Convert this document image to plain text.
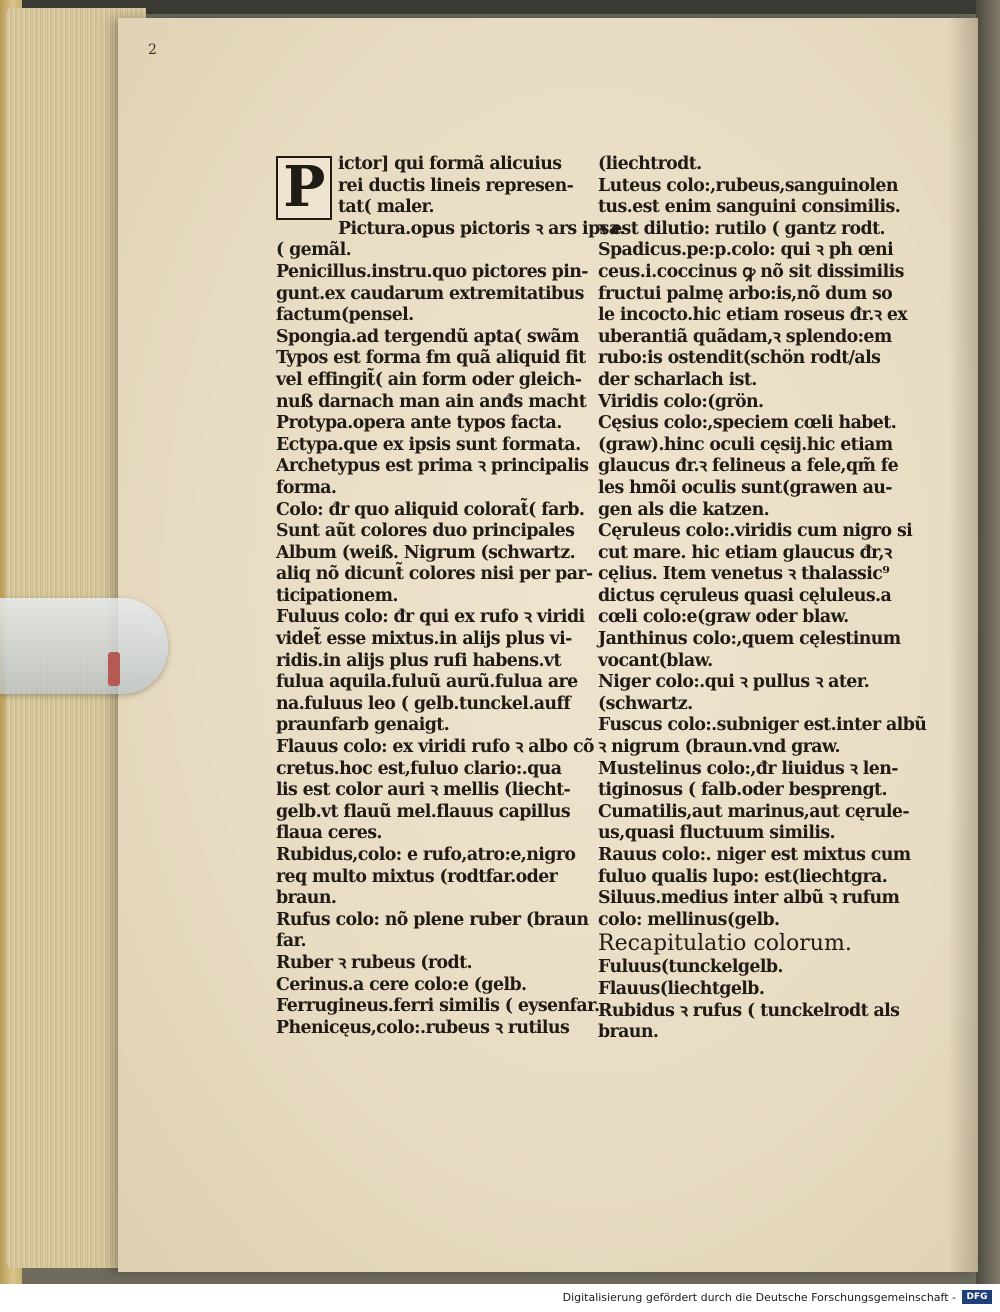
2
P ictor] qui formã alicuius
rei ductis lineis represen-
tat( maler.
Pictura.opus pictoris ꝛ ars ipsa.
( gemãl.
Penicillus.instru.quo pictores pin-
gunt.ex caudarum extremitatibus
factum(pensel.
Spongia.ad tergendũ apta( swãm
Typos est forma ẜm quã aliquid fit
vel effingit̃( ain form oder gleich-
nuß darnach man ain anđs macht
Protypa.opera ante typos facta.
Ectypa.que ex ipsis sunt formata.
Archetypus est prima ꝛ principalis
forma.
Colo: đr quo aliquid colorat̃( farb.
Sunt aũt colores duo principales
Album (weiß. Nigrum (schwartz.
aliq nõ dicunt̃ colores nisi per par-
ticipationem.
Fuluus colo: đr qui ex rufo ꝛ viridi
videt̃ esse mixtus.in alijs plus vi-
ridis.in alijs plus rufi habens.vt
fulua aquila.fuluũ aurũ.fulua are
na.fuluus leo ( gelb.tunckel.auff
praunfarb genaigt.
Flauus colo: ex viridi rufo ꝛ albo cõ
cretus.hoc est,fuluo clario:.qua
lis est color auri ꝛ mellis (liecht-
gelb.vt flauũ mel.flauus capillus
flaua ceres.
Rubidus,colo: e rufo,atro:e,nigro
req multo mixtus (rodtfar.oder
braun.
Rufus colo: nõ plene ruber (braun
far.
Ruber ꝛ rubeus (rodt.
Cerinus.a cere colo:e (gelb.
Ferrugineus.ferri similis ( eysenfar.
Phenicęus,colo:.rubeus ꝛ rutilus
(liechtrodt.
Luteus colo:,rubeus,sanguinolen
tus.est enim sanguini consimilis.
ꝛ est dilutio: rutilo ( gantz rodt.
Spadicus.pe:p.colo: qui ꝛ ph œni
ceus.i.coccinus ꝙ nõ sit dissimilis
fructui palmę arbo:is,nõ dum so
le incocto.hic etiam roseus đr.ꝛ ex
uberantiã quãdam,ꝛ splendo:em
rubo:is ostendit(schön rodt/als
der scharlach ist.
Viridis colo:(grön.
Cęsius colo:,speciem cœli habet.
(graw).hinc oculi cęsij.hic etiam
glaucus đr.ꝛ felineus a fele,qm̃ fe
les hmõi oculis sunt(grawen au-
gen als die katzen.
Cęruleus colo:.viridis cum nigro si
cut mare. hic etiam glaucus đr,ꝛ
cęlius. Item venetus ꝛ thalassic⁹
dictus cęruleus quasi cęluleus.a
cœli colo:e(graw oder blaw.
Janthinus colo:,quem cęlestinum
vocant(blaw.
Niger colo:.qui ꝛ pullus ꝛ ater.
(schwartz.
Fuscus colo:.subniger est.inter albũ
ꝛ nigrum (braun.vnd graw.
Mustelinus colo:,đr liuidus ꝛ len-
tiginosus ( falb.oder besprengt.
Cumatilis,aut marinus,aut cęrule-
us,quasi fluctuum similis.
Rauus colo:. niger est mixtus cum
fuluo qualis lupo: est(liechtgra.
Siluus.medius inter albũ ꝛ rufum
colo: mellinus(gelb.
Recapitulatio colorum.
Fuluus(tunckelgelb.
Flauus(liechtgelb.
Rubidus ꝛ rufus ( tunckelrodt als
braun.
Digitalisierung gefördert durch die Deutsche Forschungsgemeinschaft -	DFG
